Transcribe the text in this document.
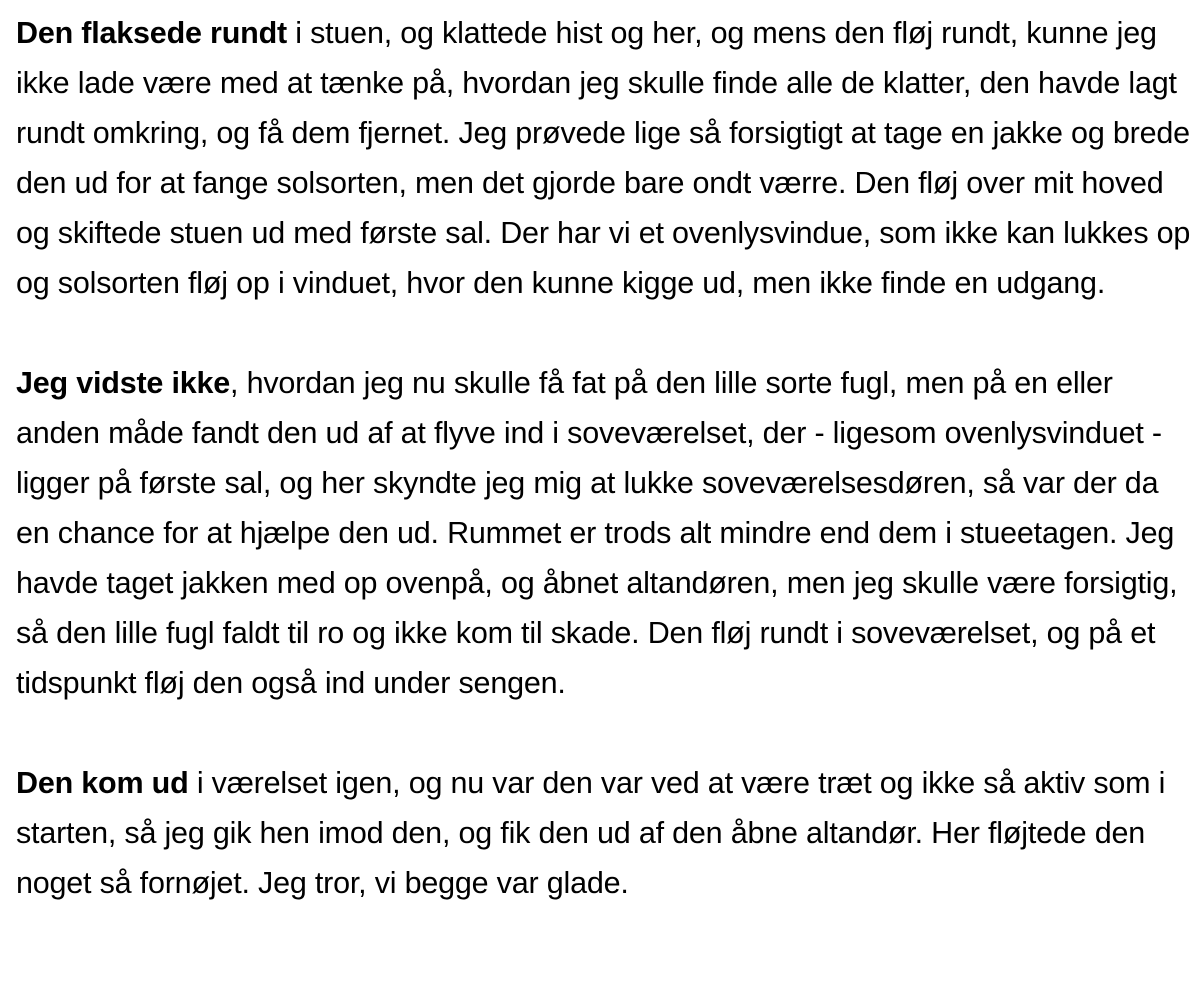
Den flaksede rundt i stuen, og klattede hist og her, og mens den fløj rundt, kunne jeg ikke lade være med at tænke på, hvordan jeg skulle finde alle de klatter, den havde lagt rundt omkring, og få dem fjernet. Jeg prøvede lige så forsigtigt at tage en jakke og brede den ud for at fange solsorten, men det gjorde bare ondt værre. Den fløj over mit hoved og skiftede stuen ud med første sal. Der har vi et ovenlysvindue, som ikke kan lukkes op og solsorten fløj op i vinduet, hvor den kunne kigge ud, men ikke finde en udgang.

Jeg vidste ikke, hvordan jeg nu skulle få fat på den lille sorte fugl, men på en eller anden måde fandt den ud af at flyve ind i soveværelset, der - ligesom ovenlysvinduet - ligger på første sal, og her skyndte jeg mig at lukke soveværelsesdøren, så var der da en chance for at hjælpe den ud. Rummet er trods alt mindre end dem i stueetagen. Jeg havde taget jakken med op ovenpå, og åbnet altandøren, men jeg skulle være forsigtig, så den lille fugl faldt til ro og ikke kom til skade. Den fløj rundt i soveværelset, og på et tidspunkt fløj den også ind under sengen.

Den kom ud i værelset igen, og nu var den var ved at være træt og ikke så aktiv som i starten, så jeg gik hen imod den, og fik den ud af den åbne altandør. Her fløjtede den noget så fornøjet. Jeg tror, vi begge var glade.
